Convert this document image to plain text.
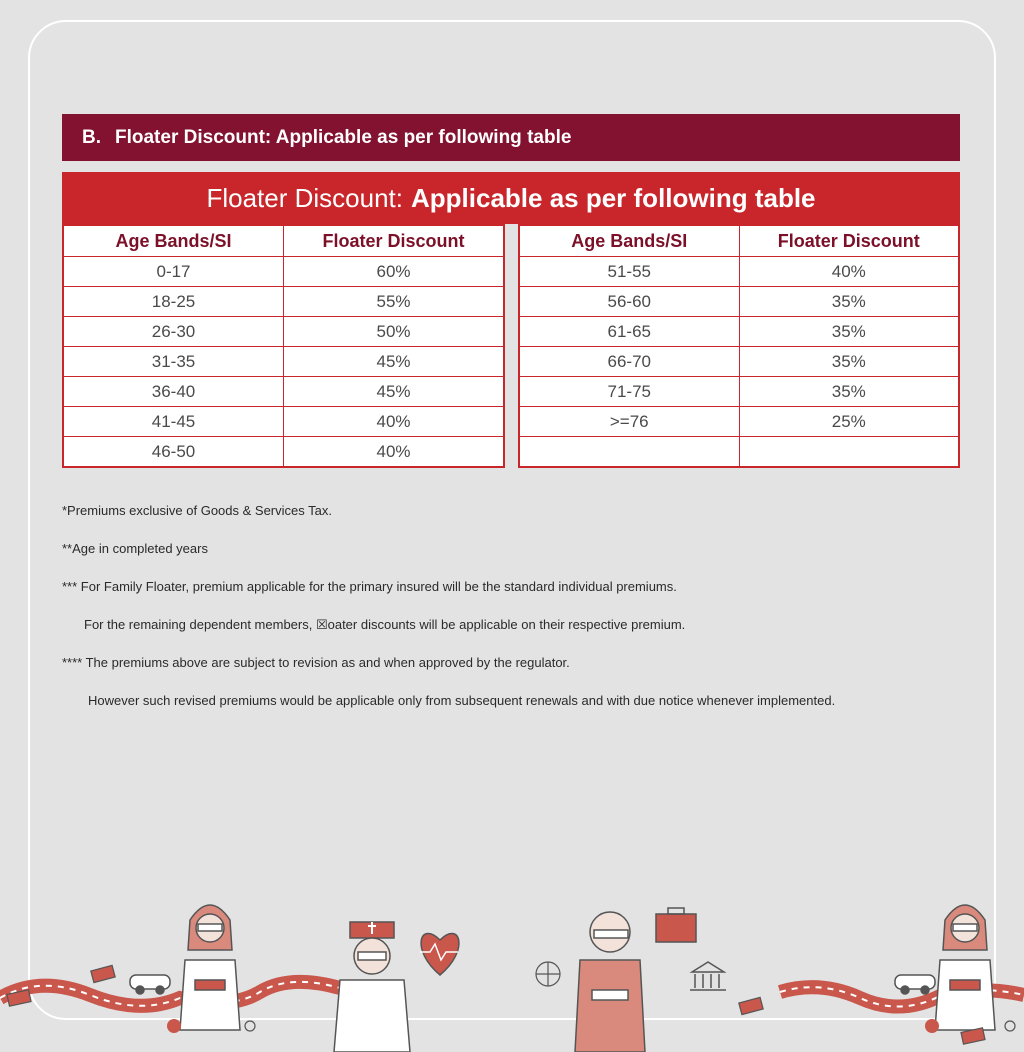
B. Floater Discount: Applicable as per following table
Floater Discount: Applicable as per following table
Age Bands/SI	Floater Discount
0-17	60%
18-25	55%
26-30	50%
31-35	45%
36-40	45%
41-45	40%
46-50	40%
Age Bands/SI	Floater Discount
51-55	40%
56-60	35%
61-65	35%
66-70	35%
71-75	35%
>=76	25%

*Premiums exclusive of Goods & Services Tax.

**Age in completed years

*** For Family Floater, premium applicable for the primary insured will be the standard individual premiums.

For the remaining dependent members, ☒oater discounts will be applicable on their respective premium.

**** The premiums above are subject to revision as and when approved by the regulator.

However such revised premiums would be applicable only from subsequent renewals and with due notice whenever implemented.
